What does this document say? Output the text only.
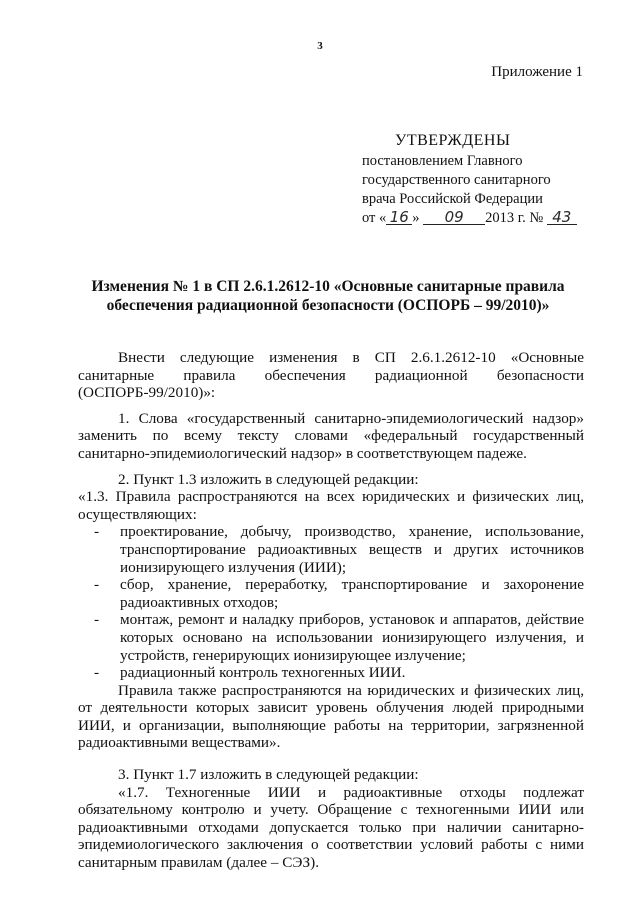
3
Приложение 1
УТВЕРЖДЕНЫ
постановлением Главного
государственного санитарного
врача Российской Федерации
от « 16 » 09 2013 г. № 43
Изменения № 1 в СП 2.6.1.2612-10 «Основные санитарные правила
обеспечения радиационной безопасности (ОСПОРБ – 99/2010)»

Внести следующие изменения в СП 2.6.1.2612-10 «Основные санитарные правила обеспечения радиационной безопасности (ОСПОРБ-99/2010)»:

1. Слова «государственный санитарно-эпидемиологический надзор» заменить по всему тексту словами «федеральный государственный санитарно-эпидемиологический надзор» в соответствующем падеже.

2. Пункт 1.3 изложить в следующей редакции:

«1.3. Правила распространяются на всех юридических и физических лиц, осуществляющих:

- проектирование, добычу, производство, хранение, использование, транспортирование радиоактивных веществ и других источников ионизирующего излучения (ИИИ);
- сбор, хранение, переработку, транспортирование и захоронение радиоактивных отходов;
- монтаж, ремонт и наладку приборов, установок и аппаратов, действие которых основано на использовании ионизирующего излучения, и устройств, генерирующих ионизирующее излучение;
- радиационный контроль техногенных ИИИ.

Правила также распространяются на юридических и физических лиц, от деятельности которых зависит уровень облучения людей природными ИИИ, и организации, выполняющие работы на территории, загрязненной радиоактивными веществами».

3. Пункт 1.7 изложить в следующей редакции:

«1.7. Техногенные ИИИ и радиоактивные отходы подлежат обязательному контролю и учету. Обращение с техногенными ИИИ или радиоактивными отходами допускается только при наличии санитарно-эпидемиологического заключения о соответствии условий работы с ними санитарным правилам (далее – СЭЗ).
